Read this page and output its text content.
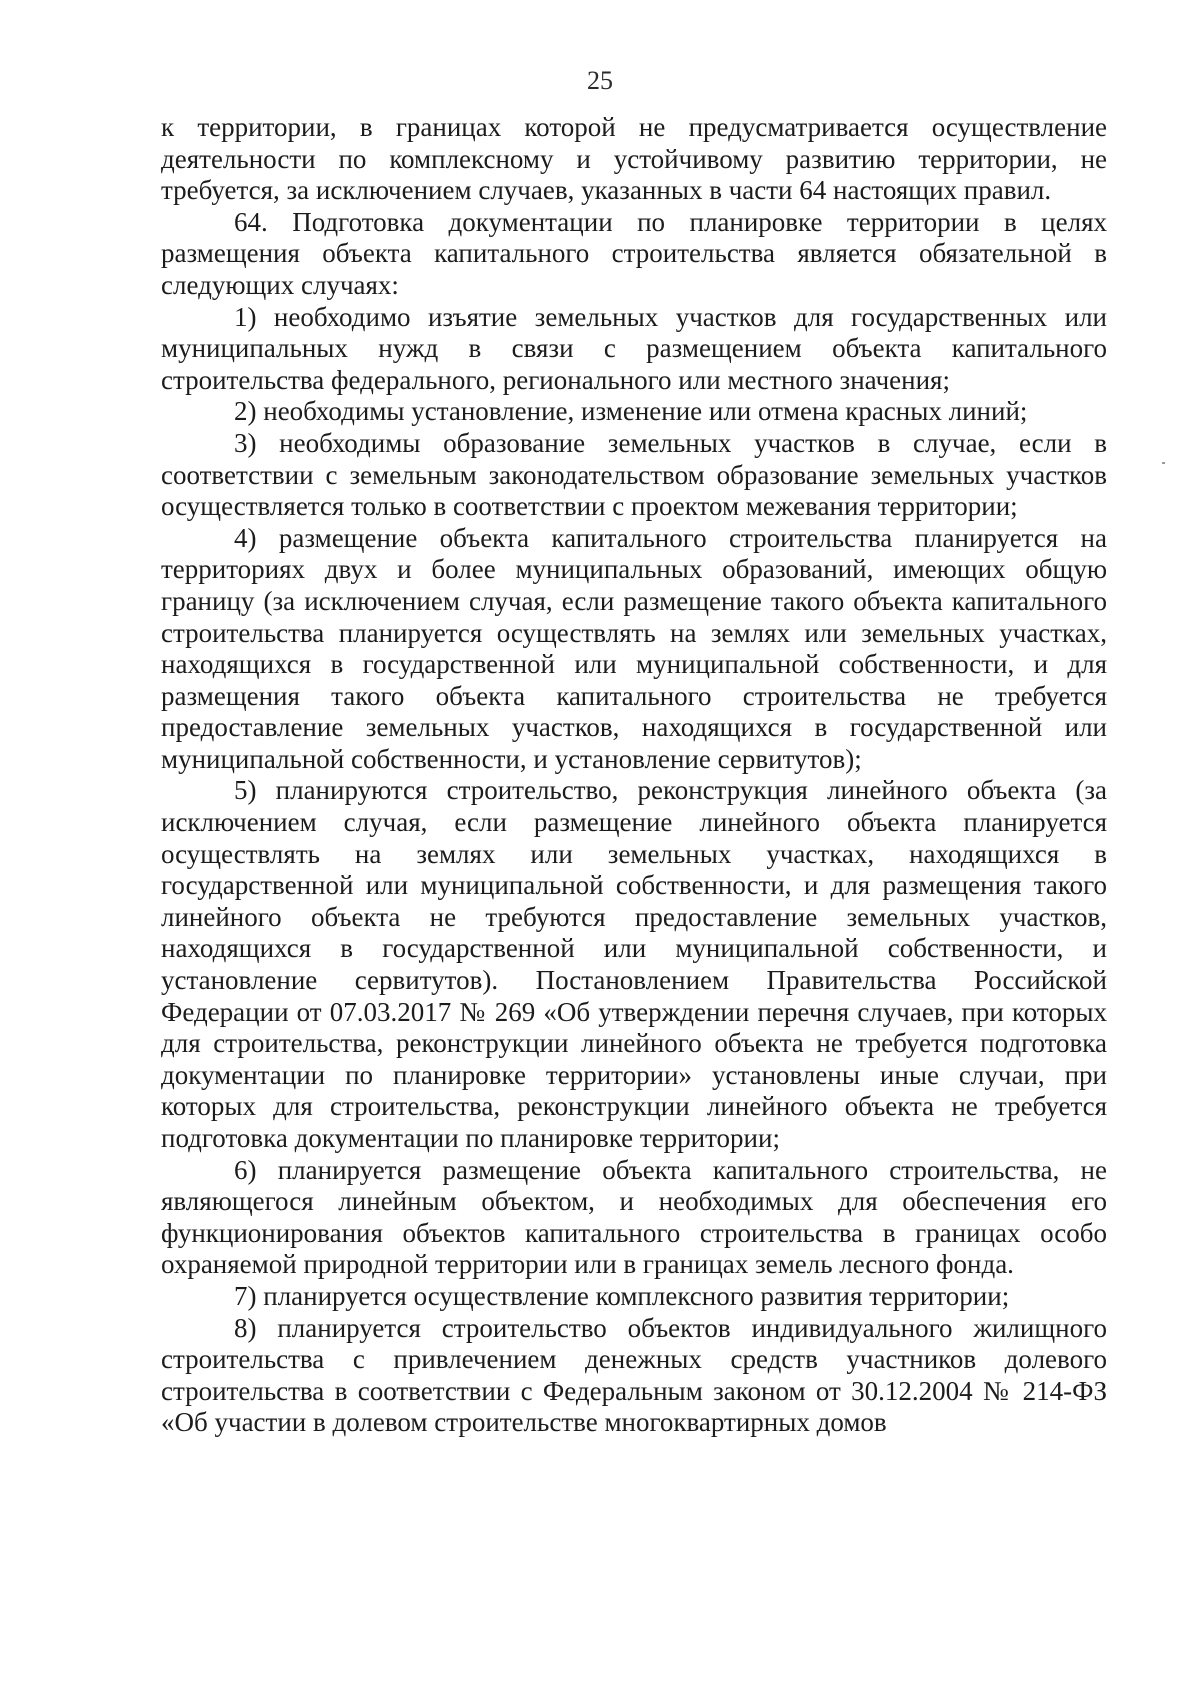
25

к территории, в границах которой не предусматривается осуществление деятельности по комплексному и устойчивому развитию территории, не требуется, за исключением случаев, указанных в части 64 настоящих правил.

64. Подготовка документации по планировке территории в целях размещения объекта капитального строительства является обязательной в следующих случаях:

1) необходимо изъятие земельных участков для государственных или муниципальных нужд в связи с размещением объекта капитального строительства федерального, регионального или местного значения;

2) необходимы установление, изменение или отмена красных линий;

3) необходимы образование земельных участков в случае, если в соответствии с земельным законодательством образование земельных участков осуществляется только в соответствии с проектом межевания территории;

4) размещение объекта капитального строительства планируется на территориях двух и более муниципальных образований, имеющих общую границу (за исключением случая, если размещение такого объекта капитального строительства планируется осуществлять на землях или земельных участках, находящихся в государственной или муниципальной собственности, и для размещения такого объекта капитального строительства не требуется предоставление земельных участков, находящихся в государственной или муниципальной собственности, и установление сервитутов);

5) планируются строительство, реконструкция линейного объекта (за исключением случая, если размещение линейного объекта планируется осуществлять на землях или земельных участках, находящихся в государственной или муниципальной собственности, и для размещения такого линейного объекта не требуются предоставление земельных участков, находящихся в государственной или муниципальной собственности, и установление сервитутов). Постановлением Правительства Российской Федерации от 07.03.2017 № 269 «Об утверждении перечня случаев, при которых для строительства, реконструкции линейного объекта не требуется подготовка документации по планировке территории» установлены иные случаи, при которых для строительства, реконструкции линейного объекта не требуется подготовка документации по планировке территории;

6) планируется размещение объекта капитального строительства, не являющегося линейным объектом, и необходимых для обеспечения его функционирования объектов капитального строительства в границах особо охраняемой природной территории или в границах земель лесного фонда.

7) планируется осуществление комплексного развития территории;

8) планируется строительство объектов индивидуального жилищного строительства с привлечением денежных средств участников долевого строительства в соответствии с Федеральным законом от 30.12.2004 № 214-ФЗ «Об участии в долевом строительстве многоквартирных домов
